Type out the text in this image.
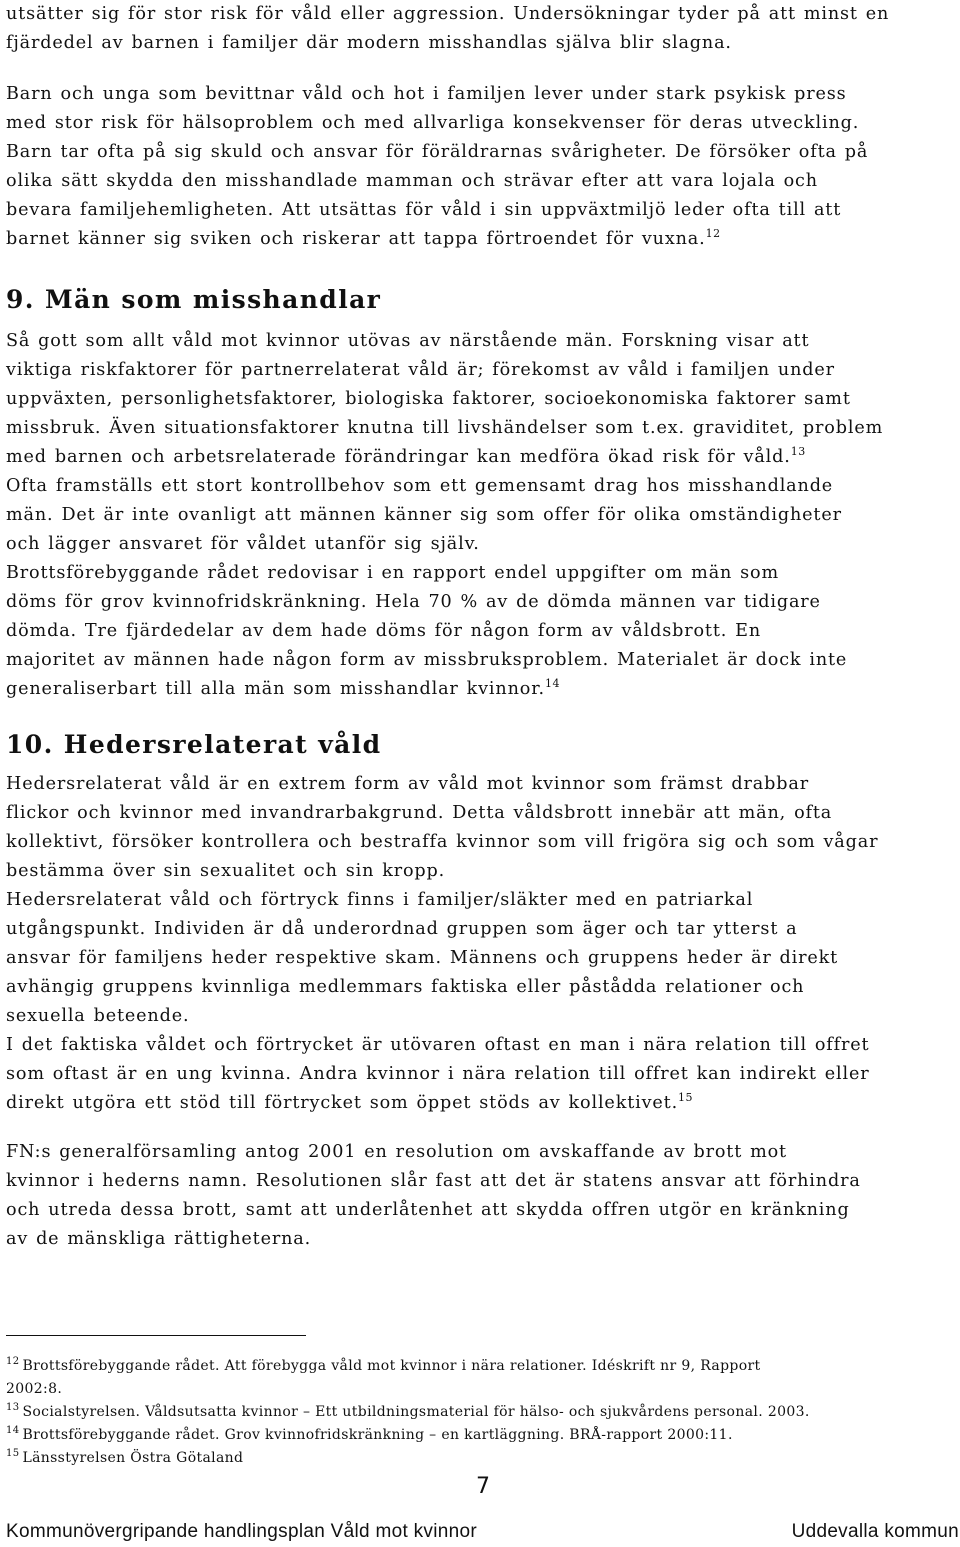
utsätter sig för stor risk för våld eller aggression. Undersökningar tyder på att minst en
fjärdedel av barnen i familjer där modern misshandlas själva blir slagna.
Barn och unga som bevittnar våld och hot i familjen lever under stark psykisk press
med stor risk för hälsoproblem och med allvarliga konsekvenser för deras utveckling.
Barn tar ofta på sig skuld och ansvar för föräldrarnas svårigheter. De försöker ofta på
olika sätt skydda den misshandlade mamman och strävar efter att vara lojala och
bevara familjehemligheten. Att utsättas för våld i sin uppväxtmiljö leder ofta till att
barnet känner sig sviken och riskerar att tappa förtroendet för vuxna.$^{12}$
9. Män som misshandlar
Så gott som allt våld mot kvinnor utövas av närstående män. Forskning visar att
viktiga riskfaktorer för partnerrelaterat våld är; förekomst av våld i familjen under
uppväxten, personlighetsfaktorer, biologiska faktorer, socioekonomiska faktorer samt
missbruk. Även situationsfaktorer knutna till livshändelser som t.ex. graviditet, problem
med barnen och arbetsrelaterade förändringar kan medföra ökad risk för våld.$^{13}$
Ofta framställs ett stort kontrollbehov som ett gemensamt drag hos misshandlande
män. Det är inte ovanligt att männen känner sig som offer för olika omständigheter
och lägger ansvaret för våldet utanför sig själv.
Brottsförebyggande rådet redovisar i en rapport endel uppgifter om män som
döms för grov kvinnofridskränkning. Hela 70 % av de dömda männen var tidigare
dömda. Tre fjärdedelar av dem hade döms för någon form av våldsbrott. En
majoritet av männen hade någon form av missbruksproblem. Materialet är dock inte
generaliserbart till alla män som misshandlar kvinnor.$^{14}$
10. Hedersrelaterat våld
Hedersrelaterat våld är en extrem form av våld mot kvinnor som främst drabbar
flickor och kvinnor med invandrarbakgrund. Detta våldsbrott innebär att män, ofta
kollektivt, försöker kontrollera och bestraffa kvinnor som vill frigöra sig och som vågar
bestämma över sin sexualitet och sin kropp.
Hedersrelaterat våld och förtryck finns i familjer/släkter med en patriarkal
utgångspunkt. Individen är då underordnad gruppen som äger och tar ytterst a
ansvar för familjens heder respektive skam. Männens och gruppens heder är direkt
avhängig gruppens kvinnliga medlemmars faktiska eller påstådda relationer och
sexuella beteende.
I det faktiska våldet och förtrycket är utövaren oftast en man i nära relation till offret
som oftast är en ung kvinna. Andra kvinnor i nära relation till offret kan indirekt eller
direkt utgöra ett stöd till förtrycket som öppet stöds av kollektivet.$^{15}$
FN:s generalförsamling antog 2001 en resolution om avskaffande av brott mot
kvinnor i hederns namn. Resolutionen slår fast att det är statens ansvar att förhindra
och utreda dessa brott, samt att underlåtenhet att skydda offren utgör en kränkning
av de mänskliga rättigheterna.

$^{12}$ Brottsförebyggande rådet. Att förebygga våld mot kvinnor i nära relationer. Idéskrift nr 9, Rapport

2002:8.

$^{13}$ Socialstyrelsen. Våldsutsatta kvinnor – Ett utbildningsmaterial för hälso- och sjukvårdens personal. 2003.

$^{14}$ Brottsförebyggande rådet. Grov kvinnofridskränkning – en kartläggning. BRÅ-rapport 2000:11.

$^{15}$ Länsstyrelsen Östra Götaland

7
Kommunövergripande handlingsplan Våld mot kvinnor	Uddevalla kommun
